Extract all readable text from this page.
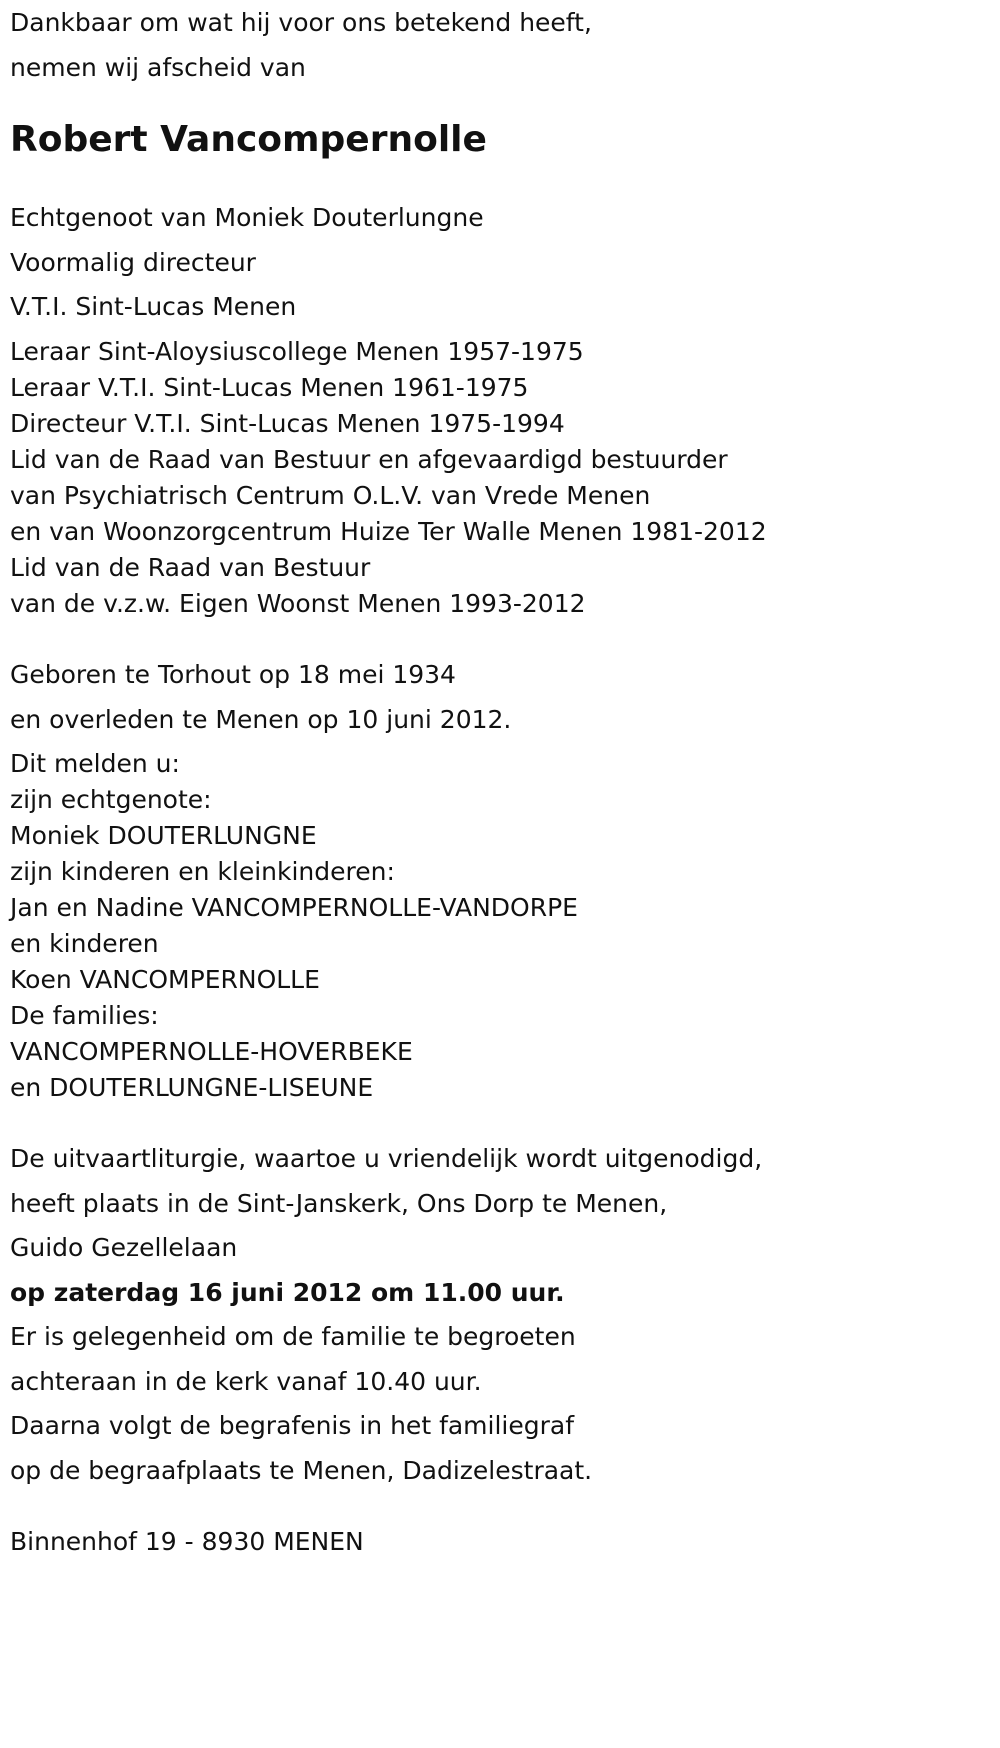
Dankbaar om wat hij voor ons betekend heeft,

nemen wij afscheid van

Robert Vancompernolle

Echtgenoot van Moniek Douterlungne

Voormalig directeur

V.T.I. Sint-Lucas Menen

Leraar Sint-Aloysiuscollege Menen 1957-1975

Leraar V.T.I. Sint-Lucas Menen 1961-1975

Directeur V.T.I. Sint-Lucas Menen 1975-1994

Lid van de Raad van Bestuur en afgevaardigd bestuurder

van Psychiatrisch Centrum O.L.V. van Vrede Menen

en van Woonzorgcentrum Huize Ter Walle Menen 1981-2012

Lid van de Raad van Bestuur

van de v.z.w. Eigen Woonst Menen 1993-2012

Geboren te Torhout op 18 mei 1934

en overleden te Menen op 10 juni 2012.

Dit melden u:

zijn echtgenote:

Moniek DOUTERLUNGNE

zijn kinderen en kleinkinderen:

Jan en Nadine VANCOMPERNOLLE-VANDORPE

en kinderen

Koen VANCOMPERNOLLE

De families:

VANCOMPERNOLLE-HOVERBEKE

en DOUTERLUNGNE-LISEUNE

De uitvaartliturgie, waartoe u vriendelijk wordt uitgenodigd,

heeft plaats in de Sint-Janskerk, Ons Dorp te Menen,

Guido Gezellelaan

op zaterdag 16 juni 2012 om 11.00 uur.

Er is gelegenheid om de familie te begroeten

achteraan in de kerk vanaf 10.40 uur.

Daarna volgt de begrafenis in het familiegraf

op de begraafplaats te Menen, Dadizelestraat.

Binnenhof 19 - 8930 MENEN
